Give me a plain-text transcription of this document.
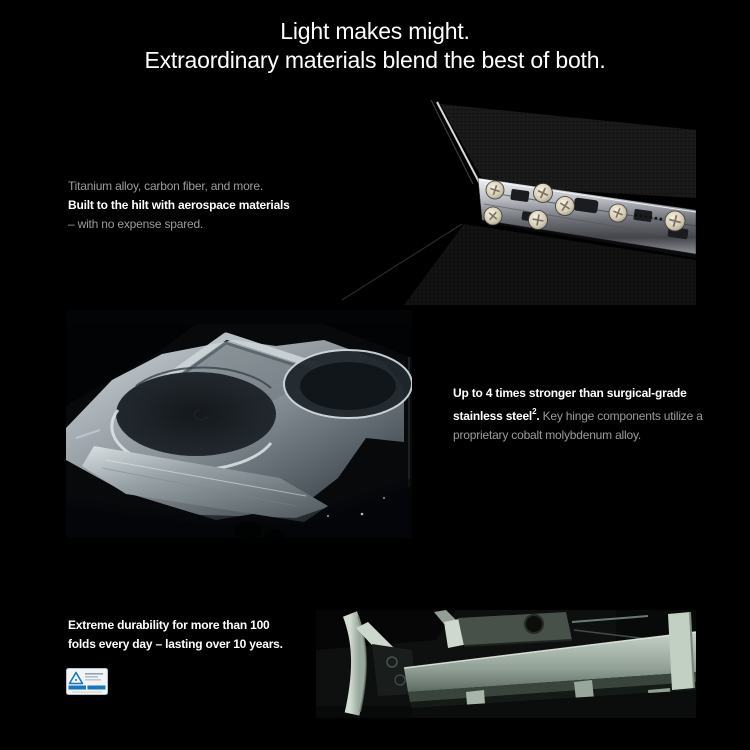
Light makes might.
Extraordinary materials blend the best of both.
Titanium alloy, carbon fiber, and more.
Built to the hilt with aerospace materials
– with no expense spared.
Up to 4 times stronger than surgical-grade
stainless steel$^2$. Key hinge components utilize a
proprietary cobalt molybdenum alloy.
Extreme durability for more than 100
folds every day – lasting over 10 years.
